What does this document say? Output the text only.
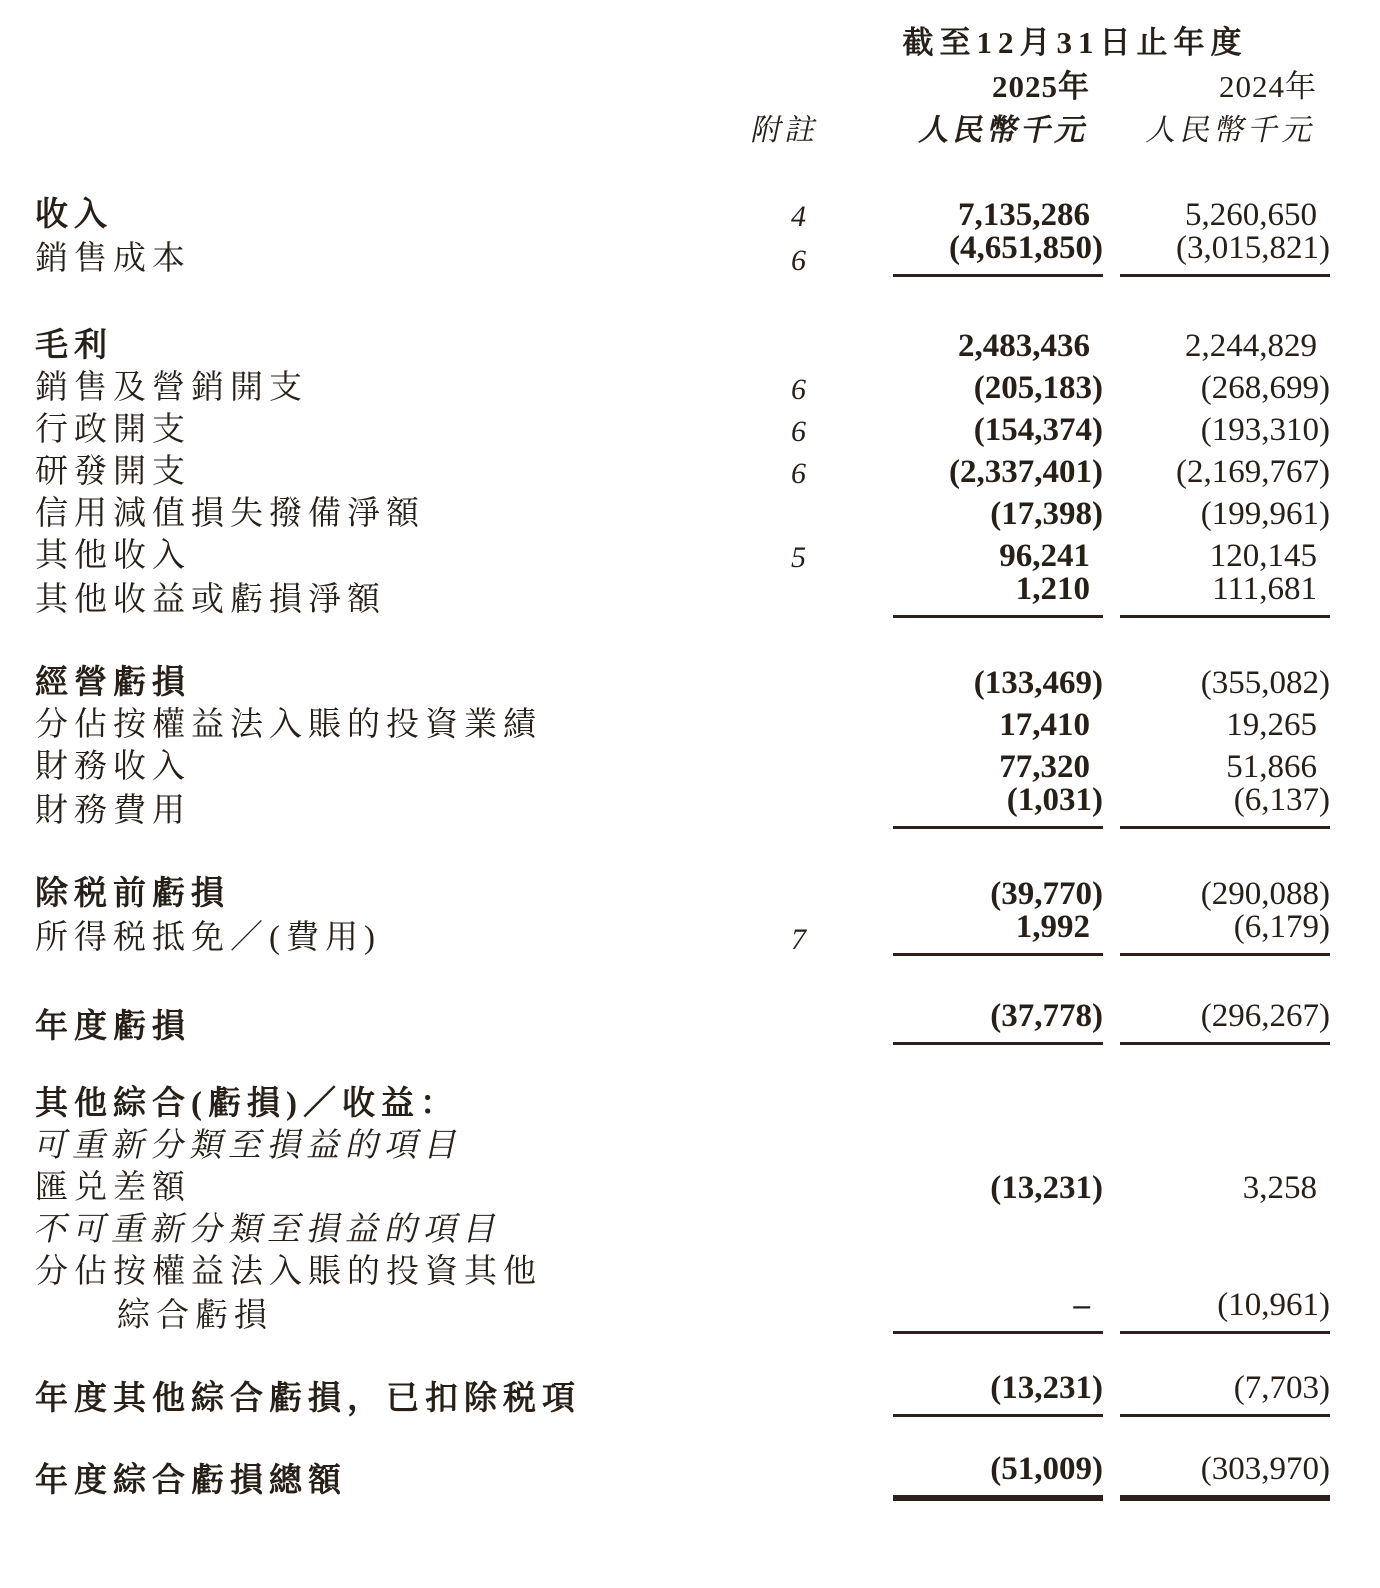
		截至12月31日止年度			
			2025年		2024年
	附註		人民幣千元		人民幣千元

收入	4		7,135,286		5,260,650
銷售成本	6		(4,651,850)		(3,015,821)

毛利			2,483,436		2,244,829
銷售及營銷開支	6		(205,183)		(268,699)
行政開支	6		(154,374)		(193,310)
研發開支	6		(2,337,401)		(2,169,767)
信用減值損失撥備淨額			(17,398)		(199,961)
其他收入	5		96,241		120,145
其他收益或虧損淨額			1,210		111,681

經營虧損			(133,469)		(355,082)
分佔按權益法入賬的投資業績			17,410		19,265
財務收入			77,320		51,866
財務費用			(1,031)		(6,137)

除税前虧損			(39,770)		(290,088)
所得税抵免／(費用)	7		1,992		(6,179)

年度虧損			(37,778)		(296,267)

其他綜合(虧損)／收益：					
可重新分類至損益的項目					
匯兑差額			(13,231)		3,258
不可重新分類至損益的項目					
分佔按權益法入賬的投資其他					
綜合虧損			–		(10,961)

年度其他綜合虧損，已扣除税項			(13,231)		(7,703)

年度綜合虧損總額			(51,009)		(303,970)
